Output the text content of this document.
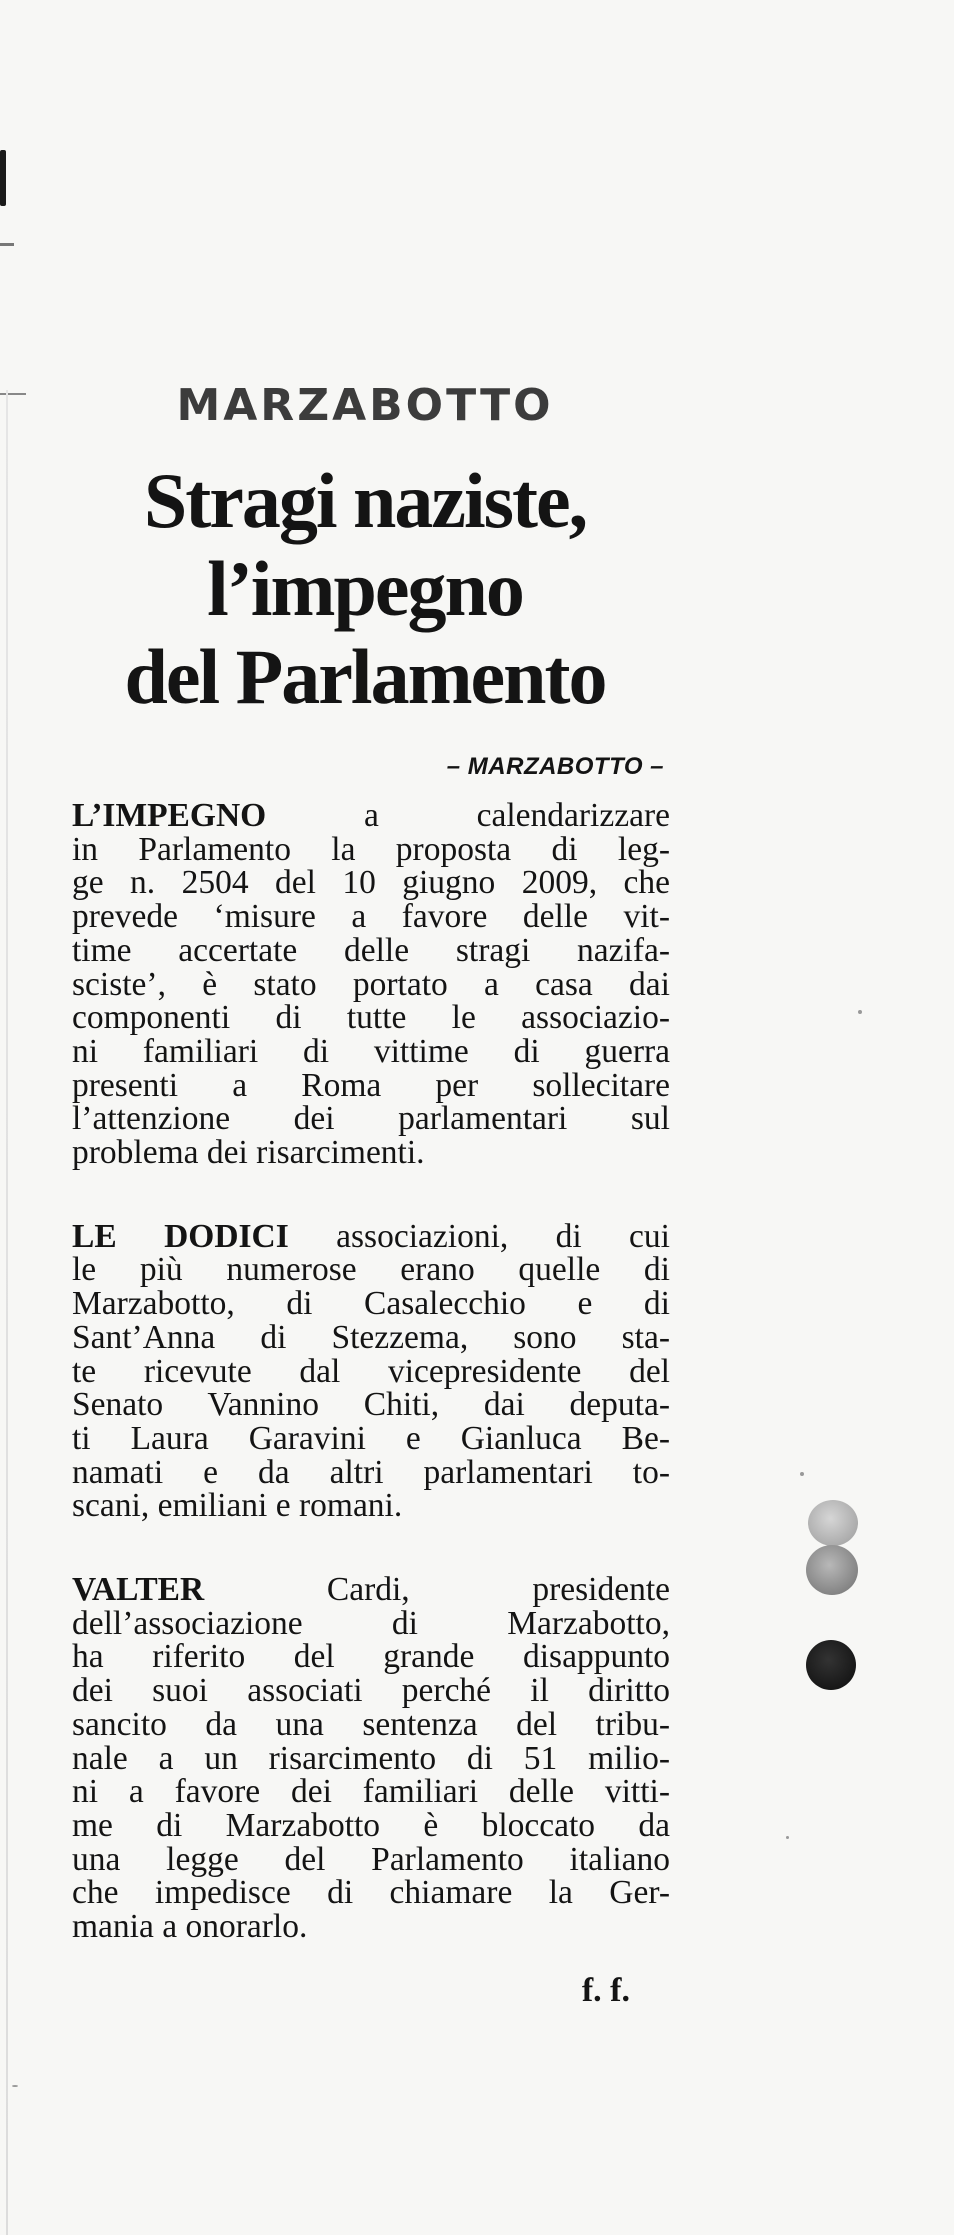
MARZABOTTO
Stragi naziste,
l’impegno
del Parlamento
– MARZABOTTO –
L’IMPEGNO a calendarizzare
in Parlamento la proposta di leg-
ge n. 2504 del 10 giugno 2009, che
prevede ‘misure a favore delle vit-
time accertate delle stragi nazifa-
sciste’, è stato portato a casa dai
componenti di tutte le associazio-
ni familiari di vittime di guerra
presenti a Roma per sollecitare
l’attenzione dei parlamentari sul
problema dei risarcimenti.
LE DODICI associazioni, di cui
le più numerose erano quelle di
Marzabotto, di Casalecchio e di
Sant’Anna di Stezzema, sono sta-
te ricevute dal vicepresidente del
Senato Vannino Chiti, dai deputa-
ti Laura Garavini e Gianluca Be-
namati e da altri parlamentari to-
scani, emiliani e romani.
VALTER Cardi, presidente
dell’associazione di Marzabotto,
ha riferito del grande disappunto
dei suoi associati perché il diritto
sancito da una sentenza del tribu-
nale a un risarcimento di 51 milio-
ni a favore dei familiari delle vitti-
me di Marzabotto è bloccato da
una legge del Parlamento italiano
che impedisce di chiamare la Ger-
mania a onorarlo.
f. f.
